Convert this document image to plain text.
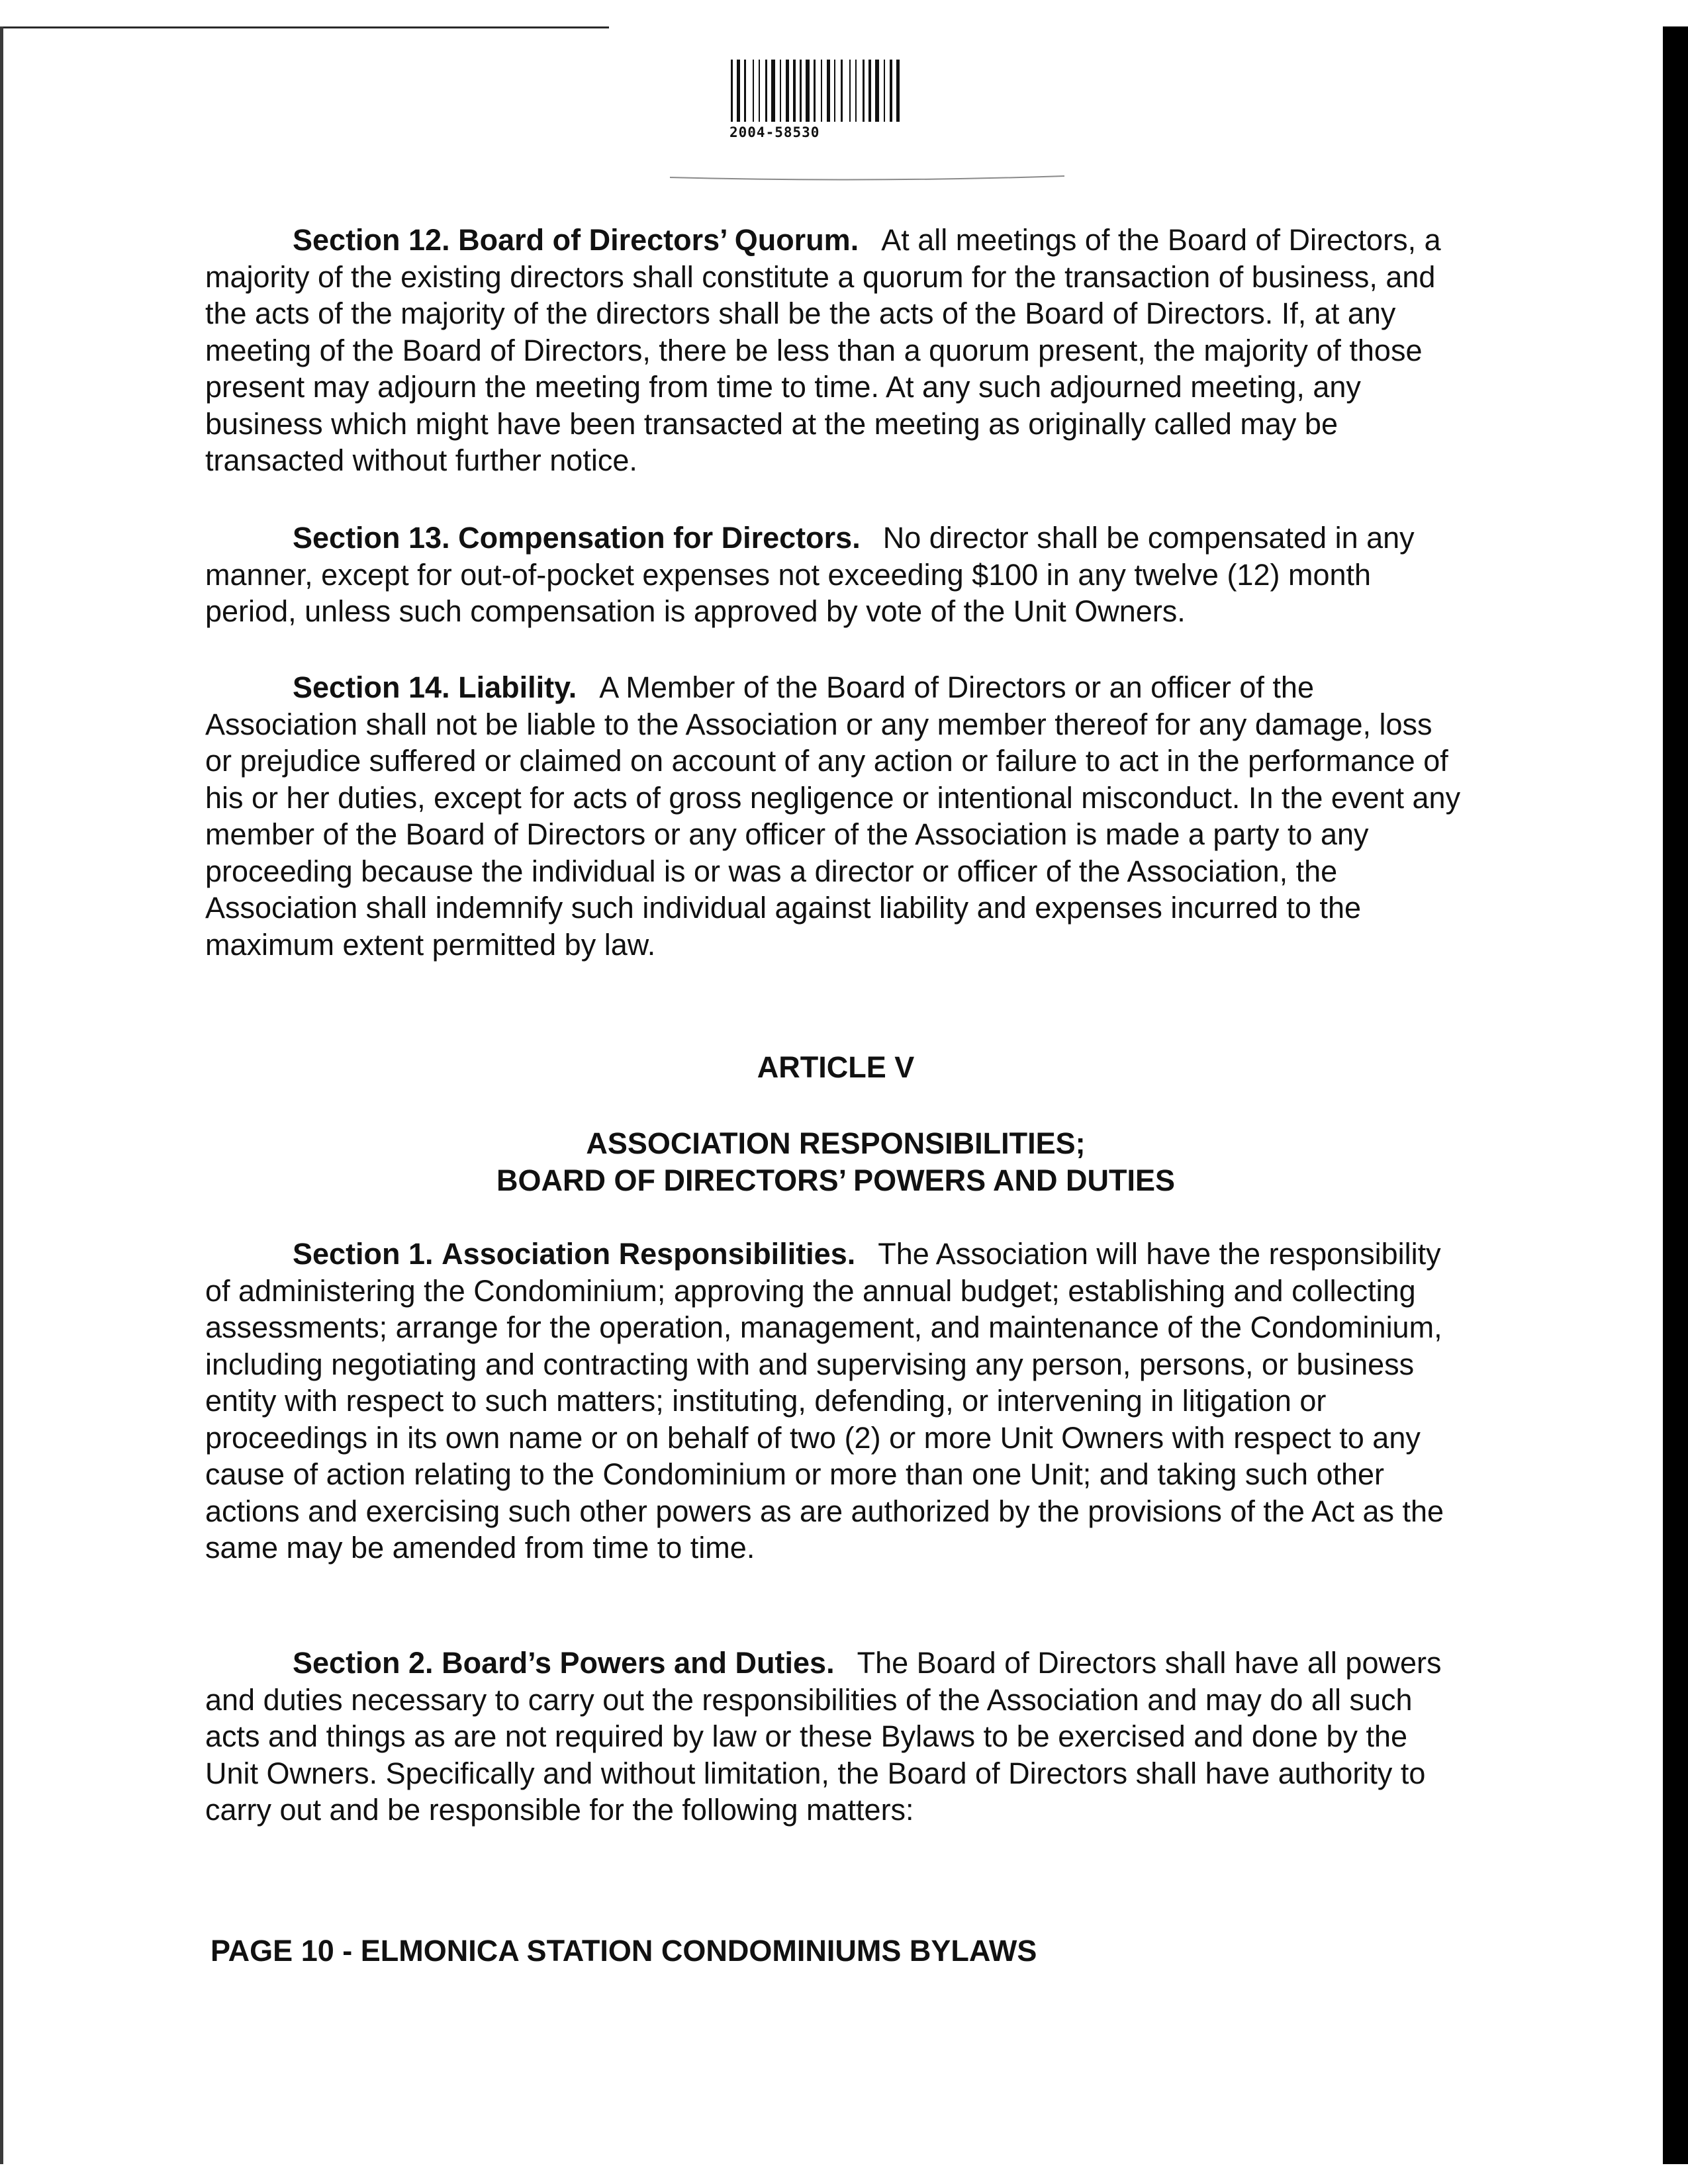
2004-58530

Section 12. Board of Directors’ Quorum. At all meetings of the Board of Directors, a majority of the existing directors shall constitute a quorum for the transaction of business, and the acts of the majority of the directors shall be the acts of the Board of Directors. If, at any meeting of the Board of Directors, there be less than a quorum present, the majority of those present may adjourn the meeting from time to time. At any such adjourned meeting, any business which might have been transacted at the meeting as originally called may be transacted without further notice.

Section 13. Compensation for Directors. No director shall be compensated in any manner, except for out-of-pocket expenses not exceeding $100 in any twelve (12) month period, unless such compensation is approved by vote of the Unit Owners.

Section 14. Liability. A Member of the Board of Directors or an officer of the Association shall not be liable to the Association or any member thereof for any damage, loss or prejudice suffered or claimed on account of any action or failure to act in the performance of his or her duties, except for acts of gross negligence or intentional misconduct. In the event any member of the Board of Directors or any officer of the Association is made a party to any proceeding because the individual is or was a director or officer of the Association, the Association shall indemnify such individual against liability and expenses incurred to the maximum extent permitted by law.

ARTICLE V

ASSOCIATION RESPONSIBILITIES;
BOARD OF DIRECTORS’ POWERS AND DUTIES

Section 1. Association Responsibilities. The Association will have the responsibility of administering the Condominium; approving the annual budget; establishing and collecting assessments; arrange for the operation, management, and maintenance of the Condominium, including negotiating and contracting with and supervising any person, persons, or business entity with respect to such matters; instituting, defending, or intervening in litigation or proceedings in its own name or on behalf of two (2) or more Unit Owners with respect to any cause of action relating to the Condominium or more than one Unit; and taking such other actions and exercising such other powers as are authorized by the provisions of the Act as the same may be amended from time to time.

Section 2. Board’s Powers and Duties. The Board of Directors shall have all powers and duties necessary to carry out the responsibilities of the Association and may do all such acts and things as are not required by law or these Bylaws to be exercised and done by the Unit Owners. Specifically and without limitation, the Board of Directors shall have authority to carry out and be responsible for the following matters:

PAGE 10 - ELMONICA STATION CONDOMINIUMS BYLAWS
